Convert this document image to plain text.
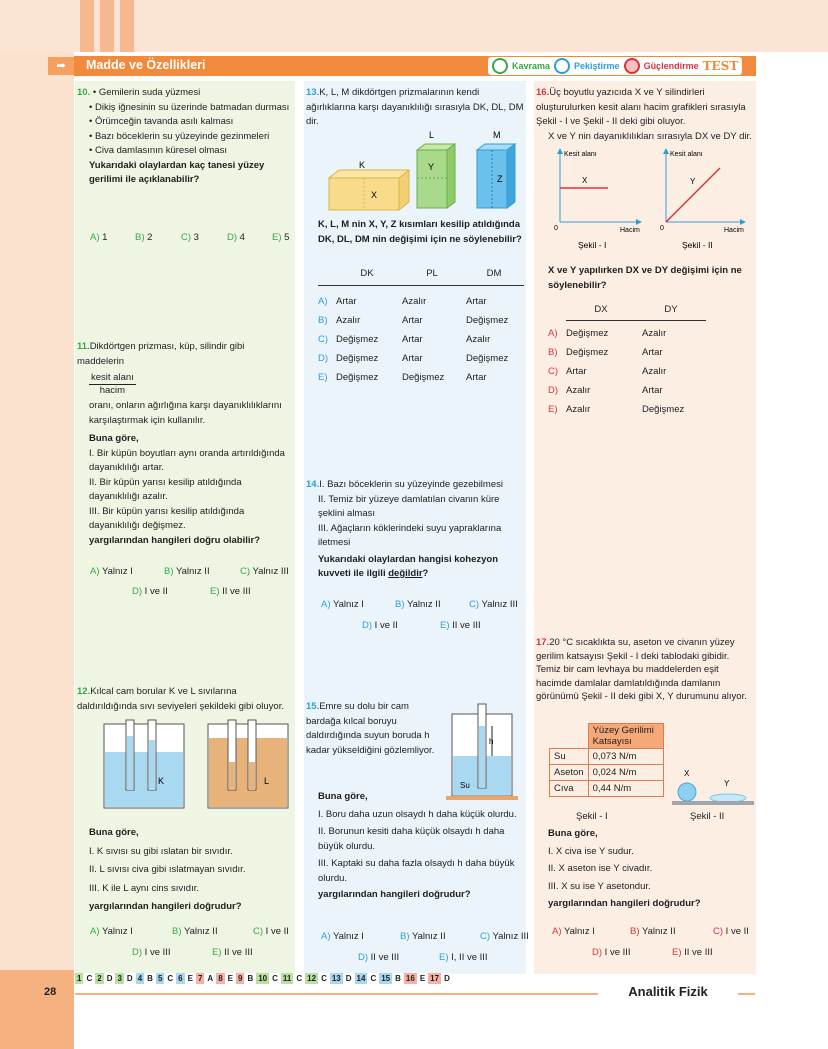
➡	Madde ve Özellikleri	Kavrama	Pekiştirme	Güçlendirme TEST
10. • Gemilerin suda yüzmesi
• Dikiş iğnesinin su üzerinde batmadan durması
• Örümceğin tavanda asılı kalması
• Bazı böceklerin su yüzeyinde gezinmeleri
• Civa damlasının küresel olması
Yukarıdaki olaylardan kaç tanesi yüzey gerilimi ile açıklanabilir?
A) 1	B) 2	C) 3	D) 4	E) 5
11.Dikdörtgen prizması, küp, silindir gibi maddelerin
kesit alanı
hacim
oranı, onların ağırlığına karşı dayanıklılıklarını karşılaştırmak için kullanılır.
Buna göre,
I. Bir küpün boyutları aynı oranda artırıldığında dayanıklılığı artar.
II. Bir küpün yarısı kesilip atıldığında dayanıklılığı azalır.
III. Bir küpün yarısı kesilip atıldığında dayanıklılığı değişmez.
yargılarından hangileri doğru olabilir?
A) Yalnız I	B) Yalnız II	C) Yalnız III
D) I ve II	E) II ve III
12.Kılcal cam borular K ve L sıvılarına daldırıldığında sıvı seviyeleri şekildeki gibi oluyor.
K	L
Buna göre,
I. K sıvısı su gibi ıslatan bir sıvıdır.
II. L sıvısı civa gibi ıslatmayan sıvıdır.
III. K ile L aynı cins sıvıdır.
yargılarından hangileri doğrudur?
A) Yalnız I	B) Yalnız II	C) I ve II
D) I ve III	E) II ve III
13.K, L, M dikdörtgen prizmalarının kendi ağırlıklarına karşı dayanıklılığı sırasıyla DK, DL, DM dir.
K
X
L
Y
M
Z
K, L, M nin X, Y, Z kısımları kesilip atıldığında DK, DL, DM nin değişimi için ne söylenebilir?
DK	PL	DM
A) Artar	Azalır	Artar
B) Azalır	Artar	Değişmez
C) Değişmez	Artar	Azalır
D) Değişmez	Artar	Değişmez
E) Değişmez	Değişmez	Artar
14.I. Bazı böceklerin su yüzeyinde gezebilmesi
II. Temiz bir yüzeye damlatılan civanın küre şeklini alması
III. Ağaçların köklerindeki suyu yapraklarına iletmesi
Yukarıdaki olaylardan hangisi kohezyon kuvveti ile ilgili değildir?
A) Yalnız I	B) Yalnız II	C) Yalnız III
D) I ve II	E) II ve III
15.Emre su dolu bir cam bardağa kılcal boruyu daldırdığında suyun boruda h kadar yükseldiğini gözlemliyor.
h
Su
Buna göre,
I. Boru daha uzun olsaydı h daha küçük olurdu.
II. Borunun kesiti daha küçük olsaydı h daha büyük olurdu.
III. Kaptaki su daha fazla olsaydı h daha büyük olurdu.
yargılarından hangileri doğrudur?
A) Yalnız I	B) Yalnız II	C) Yalnız III
D) II ve III	E) I, II ve III
16.Üç boyutlu yazıcıda X ve Y silindirleri oluşturulurken kesit alanı hacim grafikleri sırasıyla Şekil - I ve Şekil - II deki gibi oluyor.
X ve Y nin dayanıklılıkları sırasıyla DX ve DY dir.
Kesit alanı
Hacim
0
X
Şekil - I
Kesit alanı
Hacim
0
Y
Şekil - II
X ve Y yapılırken DX ve DY değişimi için ne söylenebilir?
DX	DY
A) Değişmez	Azalır
B) Değişmez	Artar
C) Artar	Azalır
D) Azalır	Artar
E) Azalır	Değişmez
17.20 °C sıcaklıkta su, aseton ve civanın yüzey gerilim katsayısı Şekil - I deki tablodaki gibidir. Temiz bir cam levhaya bu maddelerden eşit hacimde damlalar damlatıldığında damlanın görünümü Şekil - II deki gibi X, Y durumunu alıyor.
	Yüzey Gerilimi Katsayısı
Su	0,073 N/m
Aseton	0,024 N/m
Cıva	0,44 N/m
X
Y
Şekil - I	Şekil - II
Buna göre,
I. X civa ise Y sudur.
II. X aseton ise Y civadır.
III. X su ise Y asetondur.
yargılarından hangileri doğrudur?
A) Yalnız I	B) Yalnız II	C) I ve II
D) I ve III	E) II ve III
1 C 2 D 3 D 4 B 5 C 6 E 7 A 8 E 9 B 10 C 11 C 12 C 13 D 14 C 15 B 16 E 17 D
Analitik Fizik
28
